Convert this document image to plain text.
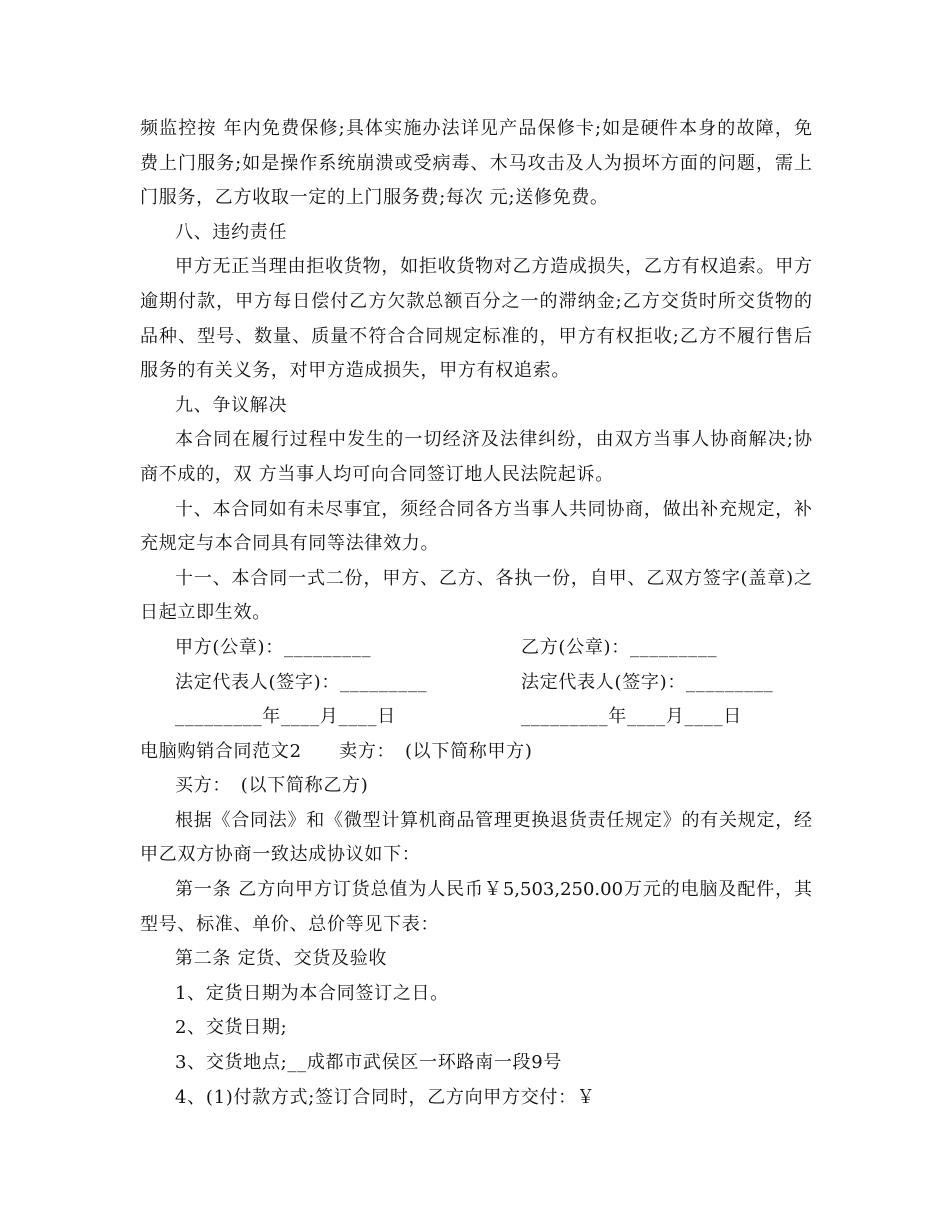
频监控按 年内免费保修;具体实施办法详见产品保修卡;如是硬件本身的故障，免
费上门服务;如是操作系统崩溃或受病毒、木马攻击及人为损坏方面的问题，需上
门服务，乙方收取一定的上门服务费;每次 元;送修免费。
八、违约责任
甲方无正当理由拒收货物，如拒收货物对乙方造成损失，乙方有权追索。甲方
逾期付款，甲方每日偿付乙方欠款总额百分之一的滞纳金;乙方交货时所交货物的
品种、型号、数量、质量不符合合同规定标准的，甲方有权拒收;乙方不履行售后
服务的有关义务，对甲方造成损失，甲方有权追索。
九、争议解决
本合同在履行过程中发生的一切经济及法律纠纷，由双方当事人协商解决;协
商不成的，双 方当事人均可向合同签订地人民法院起诉。
十、本合同如有未尽事宜，须经合同各方当事人共同协商，做出补充规定，补
充规定与本合同具有同等法律效力。
十一、本合同一式二份，甲方、乙方、各执一份，自甲、乙双方签字(盖章)之
日起立即生效。

甲方(公章)：_________

	乙方(公章)：_________

法定代表人(签字)：_________

	法定代表人(签字)：_________

_________年____月____日

	_________年____月____日

电脑购销合同范文2　　卖方：　(以下简称甲方)
买方：　(以下简称乙方)
根据《合同法》和《微型计算机商品管理更换退货责任规定》的有关规定，经
甲乙双方协商一致达成协议如下：
第一条 乙方向甲方订货总值为人民币￥5,503,250.00万元的电脑及配件，其
型号、标准、单价、总价等见下表：
第二条 定货、交货及验收
1、定货日期为本合同签订之日。
2、交货日期;
3、交货地点;__成都市武侯区一环路南一段9号
4、(1)付款方式;签订合同时，乙方向甲方交付：￥
